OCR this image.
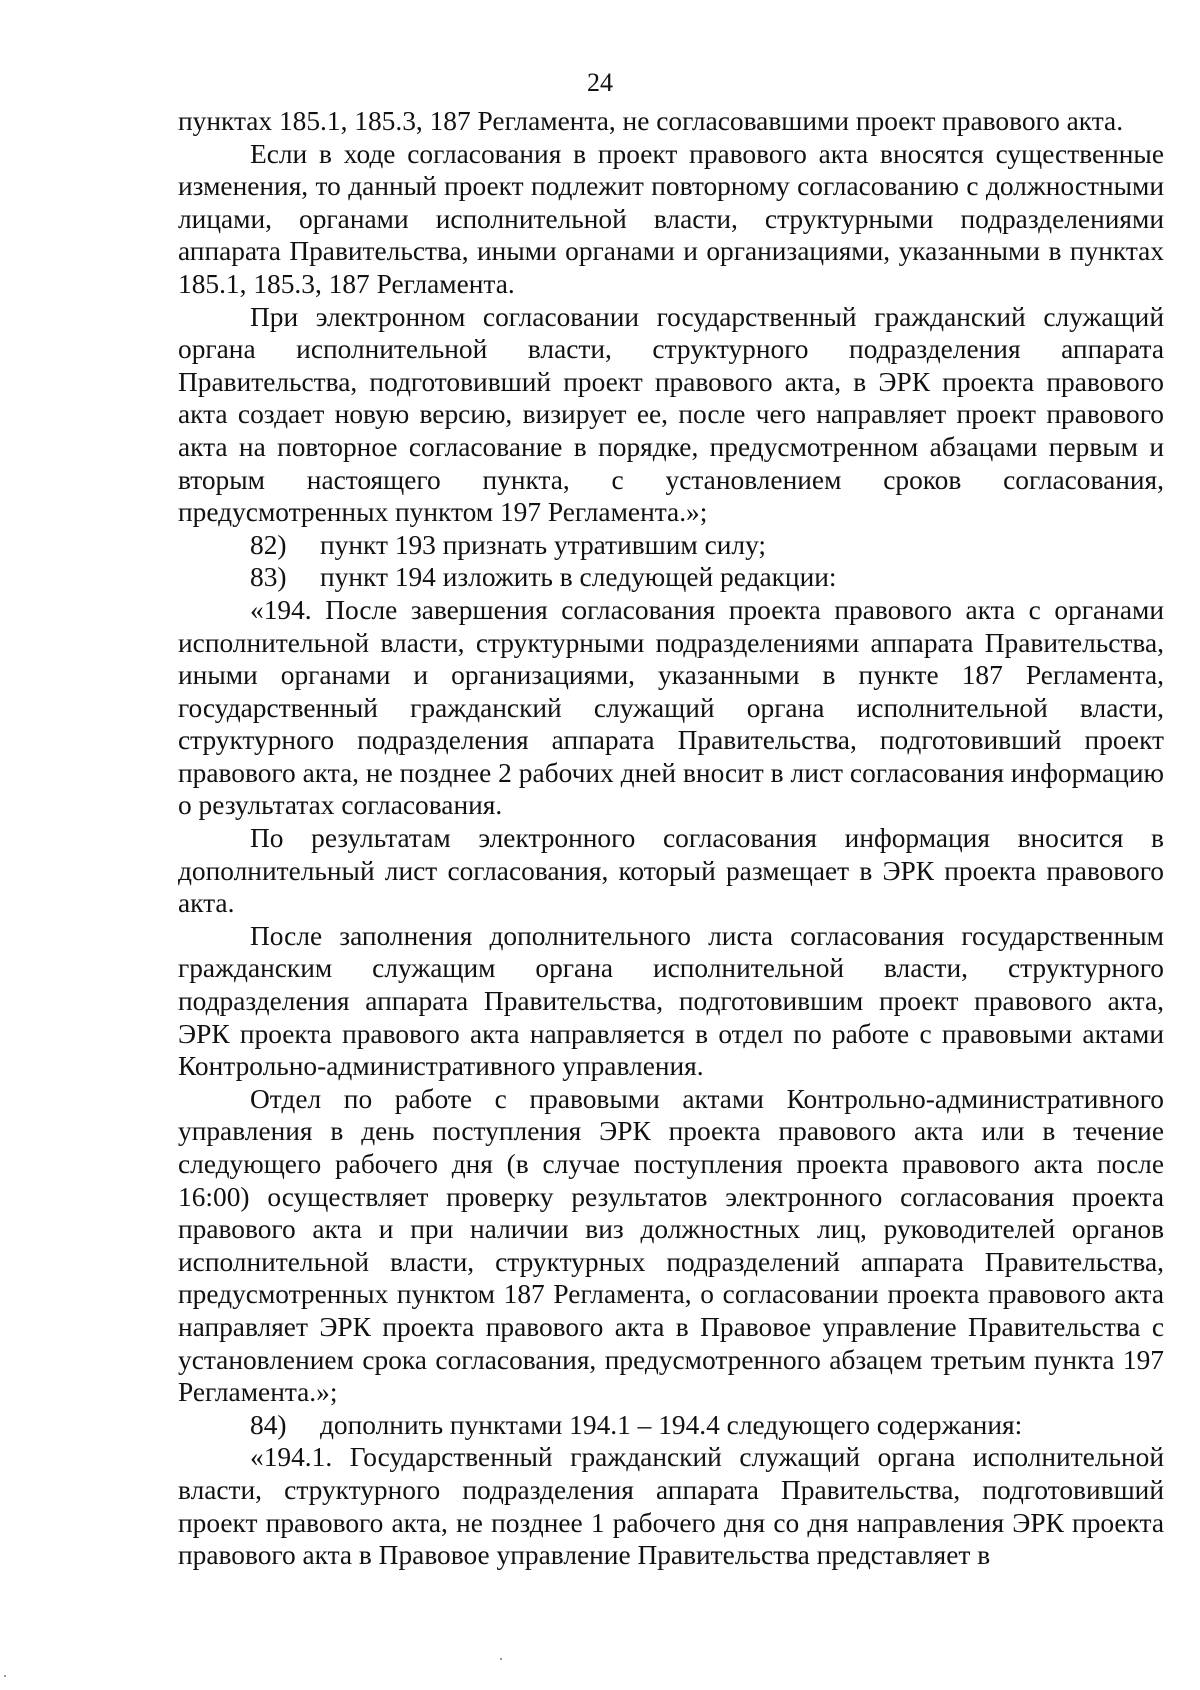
24

пунктах 185.1, 185.3, 187 Регламента, не согласовавшими проект правового акта.

Если в ходе согласования в проект правового акта вносятся существенные изменения, то данный проект подлежит повторному согласованию с должностными лицами, органами исполнительной власти, структурными подразделениями аппарата Правительства, иными органами и организациями, указанными в пунктах 185.1, 185.3, 187 Регламента.

При электронном согласовании государственный гражданский служащий органа исполнительной власти, структурного подразделения аппарата Правительства, подготовивший проект правового акта, в ЭРК проекта правового акта создает новую версию, визирует ее, после чего направляет проект правового акта на повторное согласование в порядке, предусмотренном абзацами первым и вторым настоящего пункта, с установлением сроков согласования, предусмотренных пунктом 197 Регламента.»;

82) пункт 193 признать утратившим силу;

83) пункт 194 изложить в следующей редакции:

«194. После завершения согласования проекта правового акта с органами исполнительной власти, структурными подразделениями аппарата Правительства, иными органами и организациями, указанными в пункте 187 Регламента, государственный гражданский служащий органа исполнительной власти, структурного подразделения аппарата Правительства, подготовивший проект правового акта, не позднее 2 рабочих дней вносит в лист согласования информацию о результатах согласования.

По результатам электронного согласования информация вносится в дополнительный лист согласования, который размещает в ЭРК проекта правового акта.

После заполнения дополнительного листа согласования государственным гражданским служащим органа исполнительной власти, структурного подразделения аппарата Правительства, подготовившим проект правового акта, ЭРК проекта правового акта направляется в отдел по работе с правовыми актами Контрольно-административного управления.

Отдел по работе с правовыми актами Контрольно-административного управления в день поступления ЭРК проекта правового акта или в течение следующего рабочего дня (в случае поступления проекта правового акта после 16:00) осуществляет проверку результатов электронного согласования проекта правового акта и при наличии виз должностных лиц, руководителей органов исполнительной власти, структурных подразделений аппарата Правительства, предусмотренных пунктом 187 Регламента, о согласовании проекта правового акта направляет ЭРК проекта правового акта в Правовое управление Правительства с установлением срока согласования, предусмотренного абзацем третьим пункта 197 Регламента.»;

84) дополнить пунктами 194.1 – 194.4 следующего содержания:

«194.1. Государственный гражданский служащий органа исполнительной власти, структурного подразделения аппарата Правительства, подготовивший проект правового акта, не позднее 1 рабочего дня со дня направления ЭРК проекта правового акта в Правовое управление Правительства представляет в
